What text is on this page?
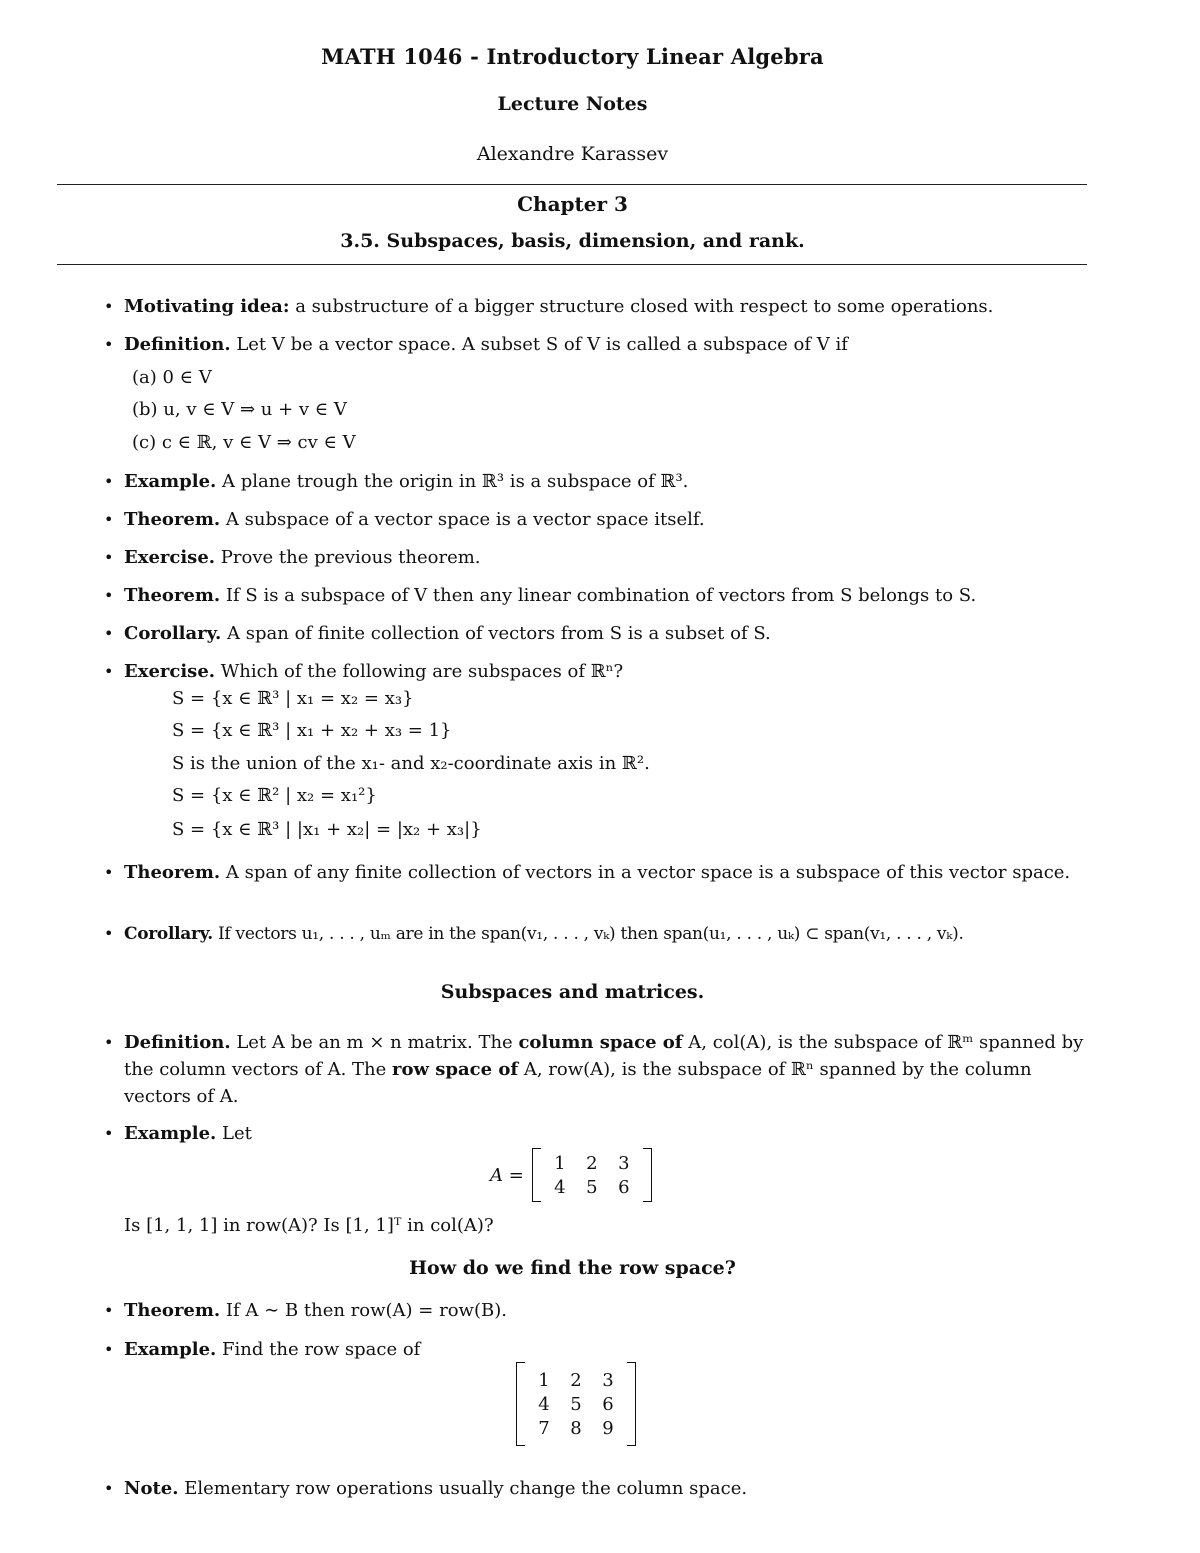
MATH 1046 - Introductory Linear Algebra
Lecture Notes
Alexandre Karassev
Chapter 3
3.5. Subspaces, basis, dimension, and rank.
• Motivating idea: a substructure of a bigger structure closed with respect to some operations.
• Definition. Let V be a vector space. A subset S of V is called a subspace of V if
(a) 0 ∈ V
(b) u, v ∈ V ⇒ u + v ∈ V
(c) c ∈ ℝ, v ∈ V ⇒ cv ∈ V
• Example. A plane trough the origin in ℝ³ is a subspace of ℝ³.
• Theorem. A subspace of a vector space is a vector space itself.
• Exercise. Prove the previous theorem.
• Theorem. If S is a subspace of V then any linear combination of vectors from S belongs to S.
• Corollary. A span of finite collection of vectors from S is a subset of S.
• Exercise. Which of the following are subspaces of ℝⁿ?
S = {x ∈ ℝ³ | x₁ = x₂ = x₃}
S = {x ∈ ℝ³ | x₁ + x₂ + x₃ = 1}
S is the union of the x₁- and x₂-coordinate axis in ℝ².
S = {x ∈ ℝ² | x₂ = x₁²}
S = {x ∈ ℝ³ | |x₁ + x₂| = |x₂ + x₃|}
• Theorem. A span of any finite collection of vectors in a vector space is a subspace of this vector space.
• Corollary. If vectors u₁, . . . , uₘ are in the span(v₁, . . . , vₖ) then span(u₁, . . . , uₖ) ⊂ span(v₁, . . . , vₖ).
Subspaces and matrices.
• Definition. Let A be an m × n matrix. The column space of A, col(A), is the subspace of ℝᵐ spanned by the column vectors of A. The row space of A, row(A), is the subspace of ℝⁿ spanned by the column vectors of A.
• Example. Let
A =
1 2 3
4 5 6
Is [1, 1, 1] in row(A)? Is [1, 1]ᵀ in col(A)?
How do we find the row space?
• Theorem. If A ∼ B then row(A) = row(B).
• Example. Find the row space of
1 2 3
4 5 6
7 8 9
• Note. Elementary row operations usually change the column space.
